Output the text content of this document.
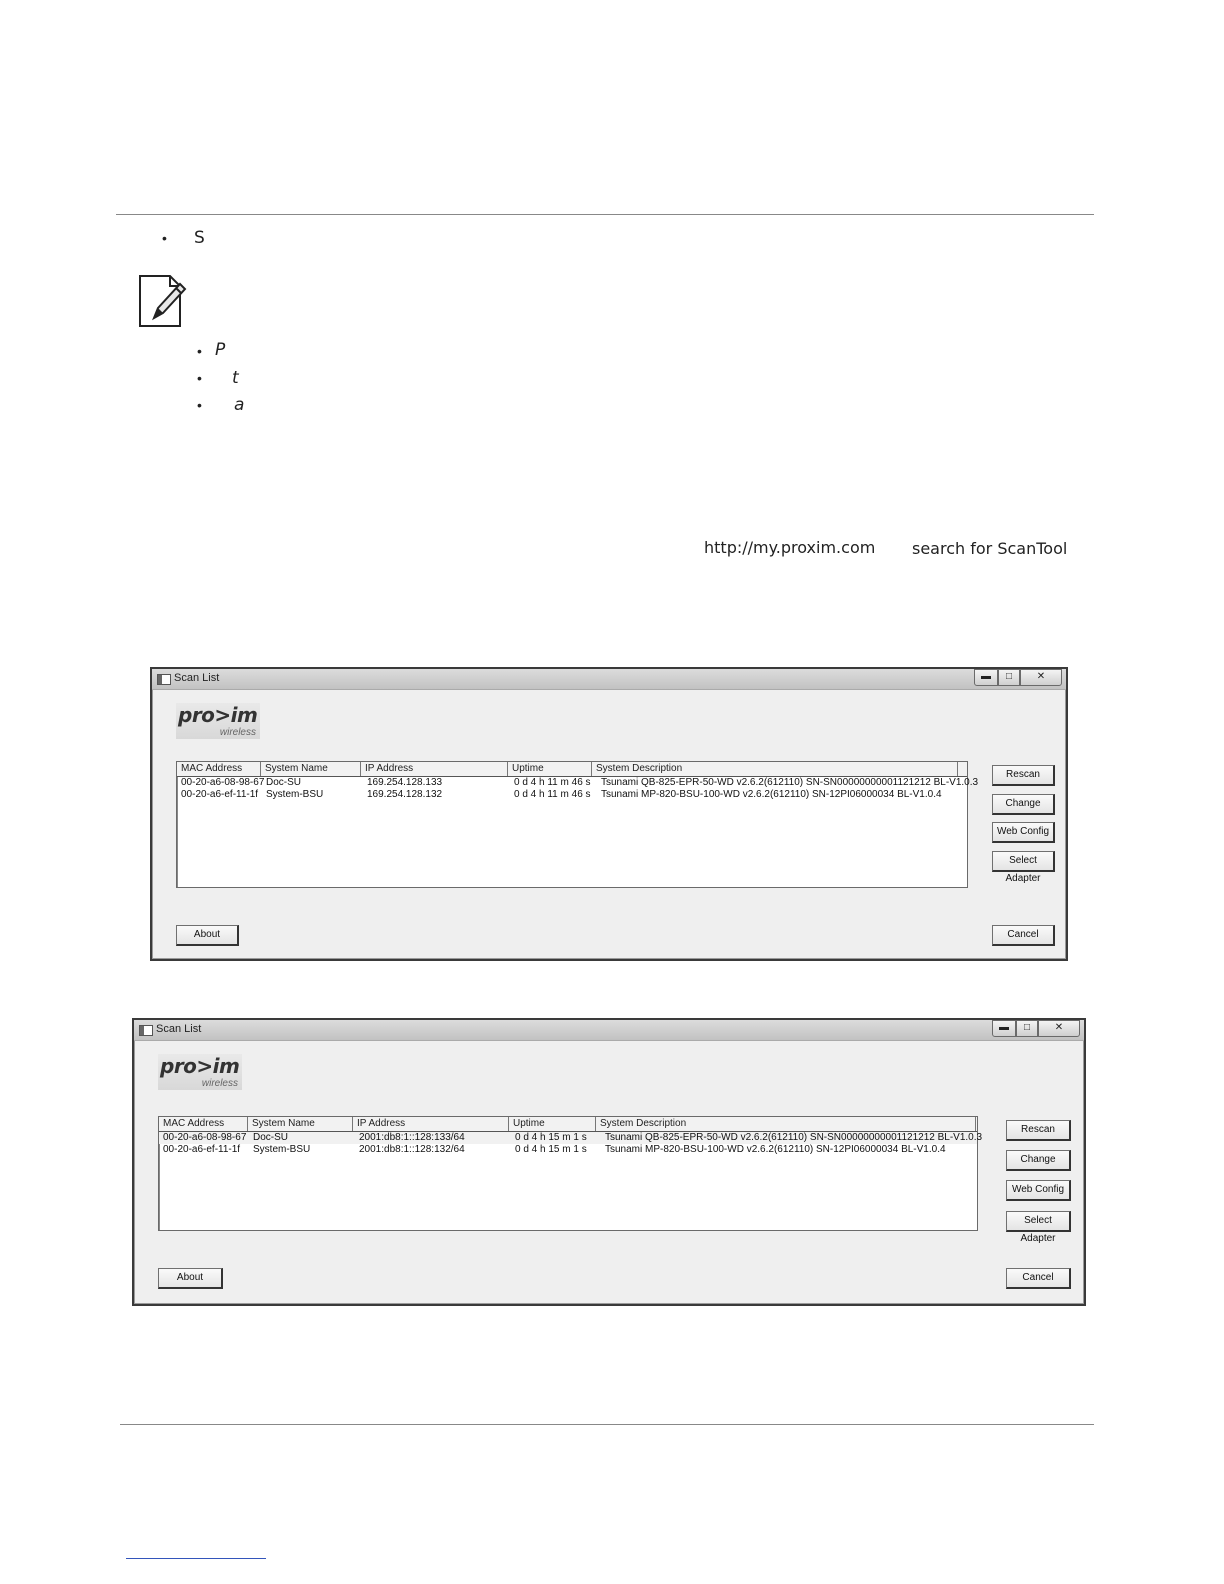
• S
• P
• t
• a
http://my.proxim.com search for ScanTool
Scan List	▬	□	✕
pro>im
wireless
MAC Address	System Name	IP Address	Uptime	System Description
00-20-a6-08-98-67 Doc-SU	169.254.128.133	0 d 4 h 11 m 46 s	Tsunami QB-825-EPR-50-WD v2.6.2(612110) SN-SN00000000001121212 BL-V1.0.3
00-20-a6-ef-11-1f System-BSU	169.254.128.132	0 d 4 h 11 m 46 s	Tsunami MP-820-BSU-100-WD v2.6.2(612110) SN-12PI06000034 BL-V1.0.4
Rescan
Change
Web Config
Select Adapter
About	Cancel
Scan List	▬	□	✕
pro>im
wireless
MAC Address	System Name	IP Address	Uptime	System Description
00-20-a6-08-98-67 Doc-SU	2001:db8:1::128:133/64	0 d 4 h 15 m 1 s	Tsunami QB-825-EPR-50-WD v2.6.2(612110) SN-SN00000000001121212 BL-V1.0.3
00-20-a6-ef-11-1f	System-BSU	2001:db8:1::128:132/64	0 d 4 h 15 m 1 s	Tsunami MP-820-BSU-100-WD v2.6.2(612110) SN-12PI06000034 BL-V1.0.4
Rescan
Change
Web Config
Select Adapter
About	Cancel
